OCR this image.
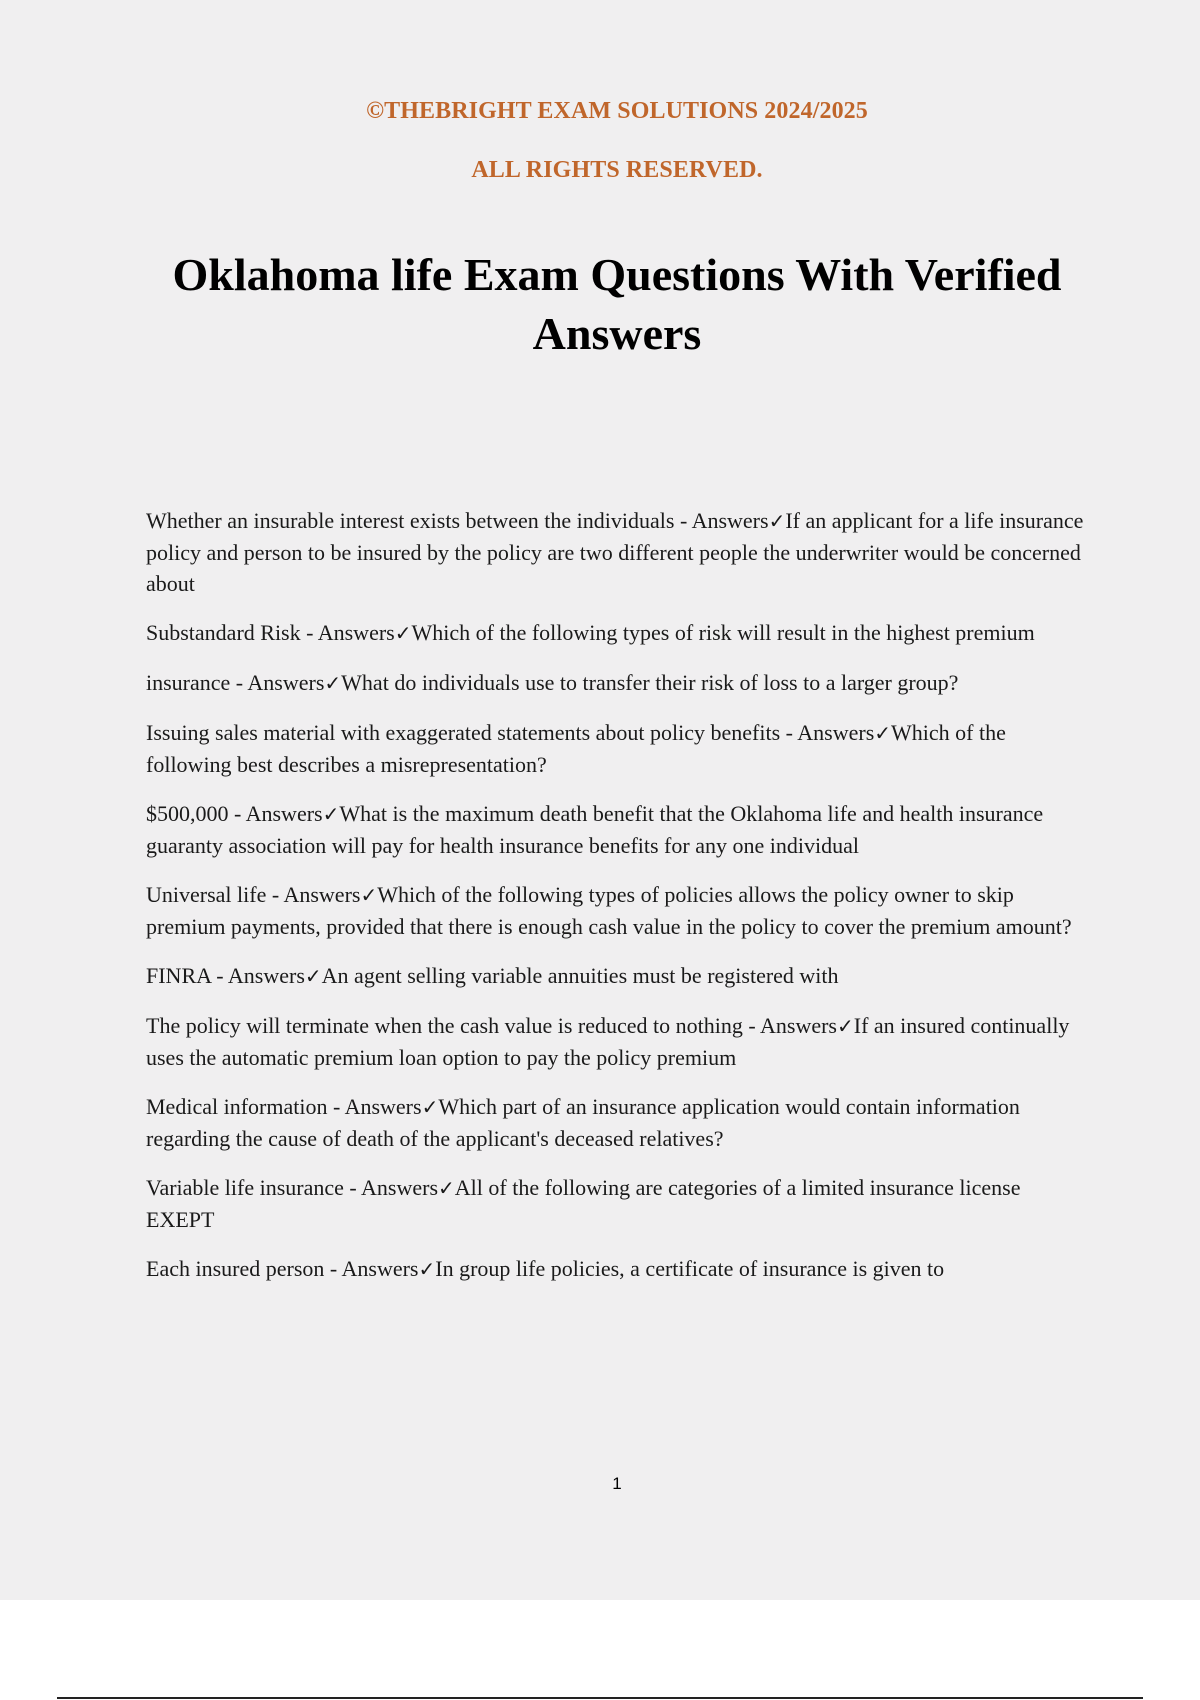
©THEBRIGHT EXAM SOLUTIONS 2024/2025
ALL RIGHTS RESERVED.
Oklahoma life Exam Questions With Verified Answers

Whether an insurable interest exists between the individuals - Answers✓If an applicant for a life insurance policy and person to be insured by the policy are two different people the underwriter would be concerned about

Substandard Risk - Answers✓Which of the following types of risk will result in the highest premium

insurance - Answers✓What do individuals use to transfer their risk of loss to a larger group?

Issuing sales material with exaggerated statements about policy benefits - Answers✓Which of the following best describes a misrepresentation?

$500,000 - Answers✓What is the maximum death benefit that the Oklahoma life and health insurance guaranty association will pay for health insurance benefits for any one individual

Universal life - Answers✓Which of the following types of policies allows the policy owner to skip premium payments, provided that there is enough cash value in the policy to cover the premium amount?

FINRA - Answers✓An agent selling variable annuities must be registered with

The policy will terminate when the cash value is reduced to nothing - Answers✓If an insured continually uses the automatic premium loan option to pay the policy premium

Medical information - Answers✓Which part of an insurance application would contain information regarding the cause of death of the applicant's deceased relatives?

Variable life insurance - Answers✓All of the following are categories of a limited insurance license EXEPT

Each insured person - Answers✓In group life policies, a certificate of insurance is given to

1
